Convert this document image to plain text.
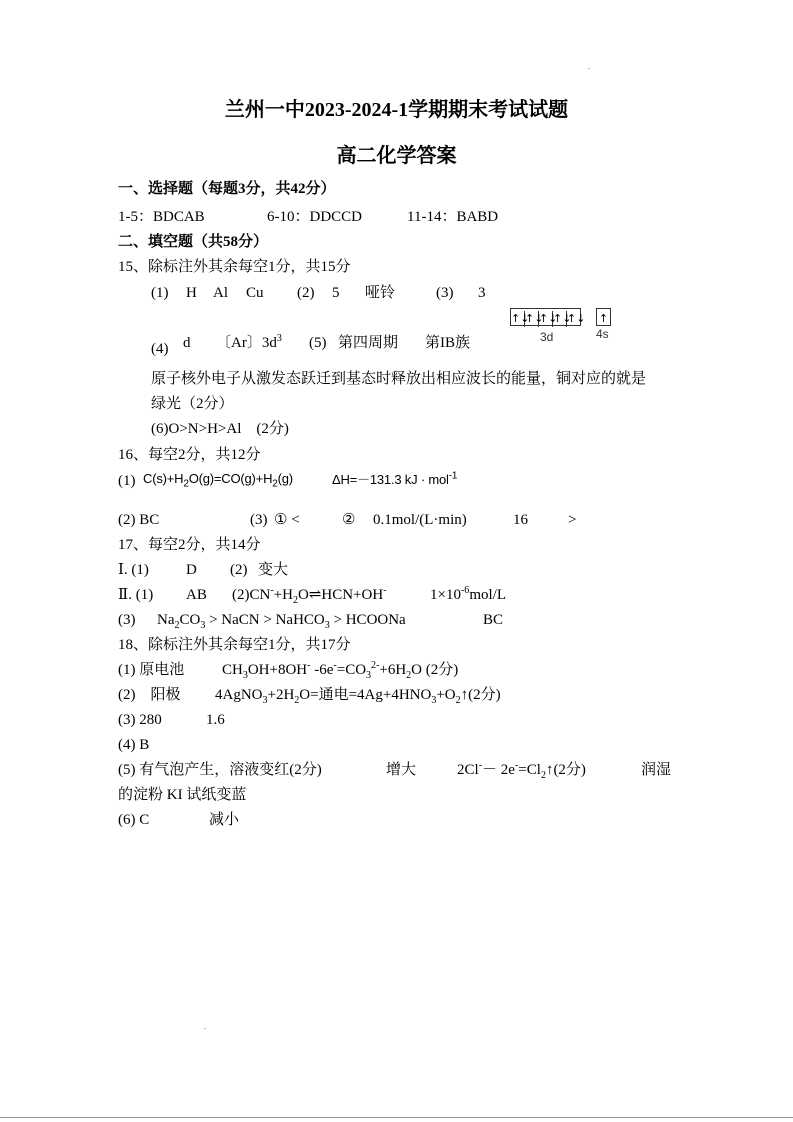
兰州一中2023-2024-1学期期末考试试题
高二化学答案
一、选择题（每题3分，共42分）
1-5：BDCAB	6-10：DDCCD	11-14：BABD
二、填空题（共58分）
15、除标注外其余每空1分，共15分
(1) H Al Cu (2) 5 哑铃	(3) 3
↑↓↑↓↑↓↑↓↑↓ ↑
3d	4s
(4) d 〔Ar〕$3d^3$ (5) 第四周期 第IB族
原子核外电子从激发态跃迁到基态时释放出相应波长的能量，铜对应的就是
绿光（2分）
(6)O>N>H>Al　(2分)
16、每空2分，共12分
(1) $C(s)+H_2O(g)=CO(g)+H_2(g)$	ΔH=－131.3 kJ · mol$^{-1}$
(2) BC	(3) ① <	② 0.1mol/(L·min)	16	>
17、每空2分，共14分
Ⅰ. (1) D (2) 变大
Ⅱ. (1) AB $(2)CN^-+H_2O\rightleftharpoons HCN+OH^-$	$1\times 10^{-6}mol/L$
(3) $Na_2CO_3$ > NaCN > NaHCO$_3$ > HCOONa	BC
18、除标注外其余每空1分，共17分
(1) 原电池	$CH_3OH+8OH^-$ $-6e^-=CO_3^{2-}+6H_2O$ (2分)
(2)　阳极 $4AgNO_3+2H_2O=$通电$=4Ag+4HNO_3+O_2↑(2$分)
(3) 280	1.6
(4) B
(5) 有气泡产生，溶液变红(2分)	增大	$2Cl^-- 2e^-=Cl_2↑(2$分)	润湿
的淀粉 KI 试纸变蓝
(6) C	减小
